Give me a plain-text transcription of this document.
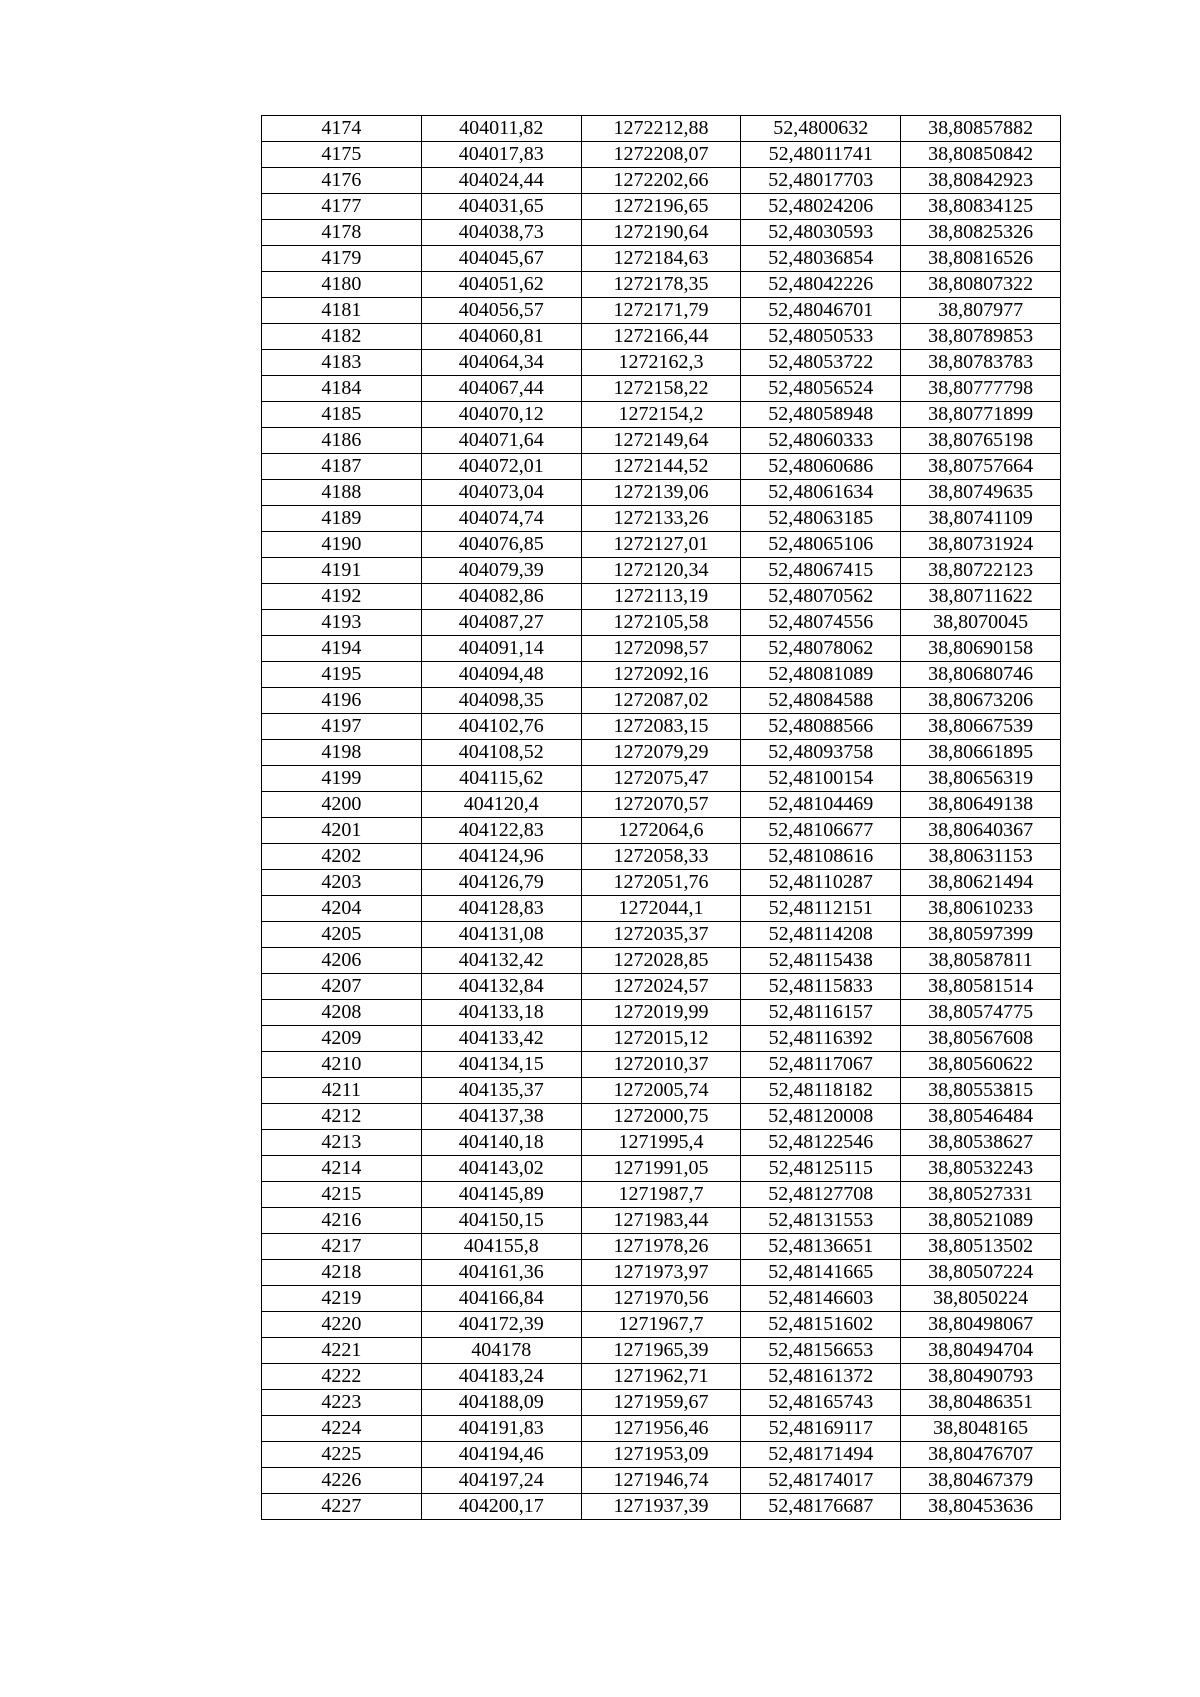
4174	404011,82	1272212,88	52,4800632	38,80857882
4175	404017,83	1272208,07	52,48011741	38,80850842
4176	404024,44	1272202,66	52,48017703	38,80842923
4177	404031,65	1272196,65	52,48024206	38,80834125
4178	404038,73	1272190,64	52,48030593	38,80825326
4179	404045,67	1272184,63	52,48036854	38,80816526
4180	404051,62	1272178,35	52,48042226	38,80807322
4181	404056,57	1272171,79	52,48046701	38,807977
4182	404060,81	1272166,44	52,48050533	38,80789853
4183	404064,34	1272162,3	52,48053722	38,80783783
4184	404067,44	1272158,22	52,48056524	38,80777798
4185	404070,12	1272154,2	52,48058948	38,80771899
4186	404071,64	1272149,64	52,48060333	38,80765198
4187	404072,01	1272144,52	52,48060686	38,80757664
4188	404073,04	1272139,06	52,48061634	38,80749635
4189	404074,74	1272133,26	52,48063185	38,80741109
4190	404076,85	1272127,01	52,48065106	38,80731924
4191	404079,39	1272120,34	52,48067415	38,80722123
4192	404082,86	1272113,19	52,48070562	38,80711622
4193	404087,27	1272105,58	52,48074556	38,8070045
4194	404091,14	1272098,57	52,48078062	38,80690158
4195	404094,48	1272092,16	52,48081089	38,80680746
4196	404098,35	1272087,02	52,48084588	38,80673206
4197	404102,76	1272083,15	52,48088566	38,80667539
4198	404108,52	1272079,29	52,48093758	38,80661895
4199	404115,62	1272075,47	52,48100154	38,80656319
4200	404120,4	1272070,57	52,48104469	38,80649138
4201	404122,83	1272064,6	52,48106677	38,80640367
4202	404124,96	1272058,33	52,48108616	38,80631153
4203	404126,79	1272051,76	52,48110287	38,80621494
4204	404128,83	1272044,1	52,48112151	38,80610233
4205	404131,08	1272035,37	52,48114208	38,80597399
4206	404132,42	1272028,85	52,48115438	38,80587811
4207	404132,84	1272024,57	52,48115833	38,80581514
4208	404133,18	1272019,99	52,48116157	38,80574775
4209	404133,42	1272015,12	52,48116392	38,80567608
4210	404134,15	1272010,37	52,48117067	38,80560622
4211	404135,37	1272005,74	52,48118182	38,80553815
4212	404137,38	1272000,75	52,48120008	38,80546484
4213	404140,18	1271995,4	52,48122546	38,80538627
4214	404143,02	1271991,05	52,48125115	38,80532243
4215	404145,89	1271987,7	52,48127708	38,80527331
4216	404150,15	1271983,44	52,48131553	38,80521089
4217	404155,8	1271978,26	52,48136651	38,80513502
4218	404161,36	1271973,97	52,48141665	38,80507224
4219	404166,84	1271970,56	52,48146603	38,8050224
4220	404172,39	1271967,7	52,48151602	38,80498067
4221	404178	1271965,39	52,48156653	38,80494704
4222	404183,24	1271962,71	52,48161372	38,80490793
4223	404188,09	1271959,67	52,48165743	38,80486351
4224	404191,83	1271956,46	52,48169117	38,8048165
4225	404194,46	1271953,09	52,48171494	38,80476707
4226	404197,24	1271946,74	52,48174017	38,80467379
4227	404200,17	1271937,39	52,48176687	38,80453636
